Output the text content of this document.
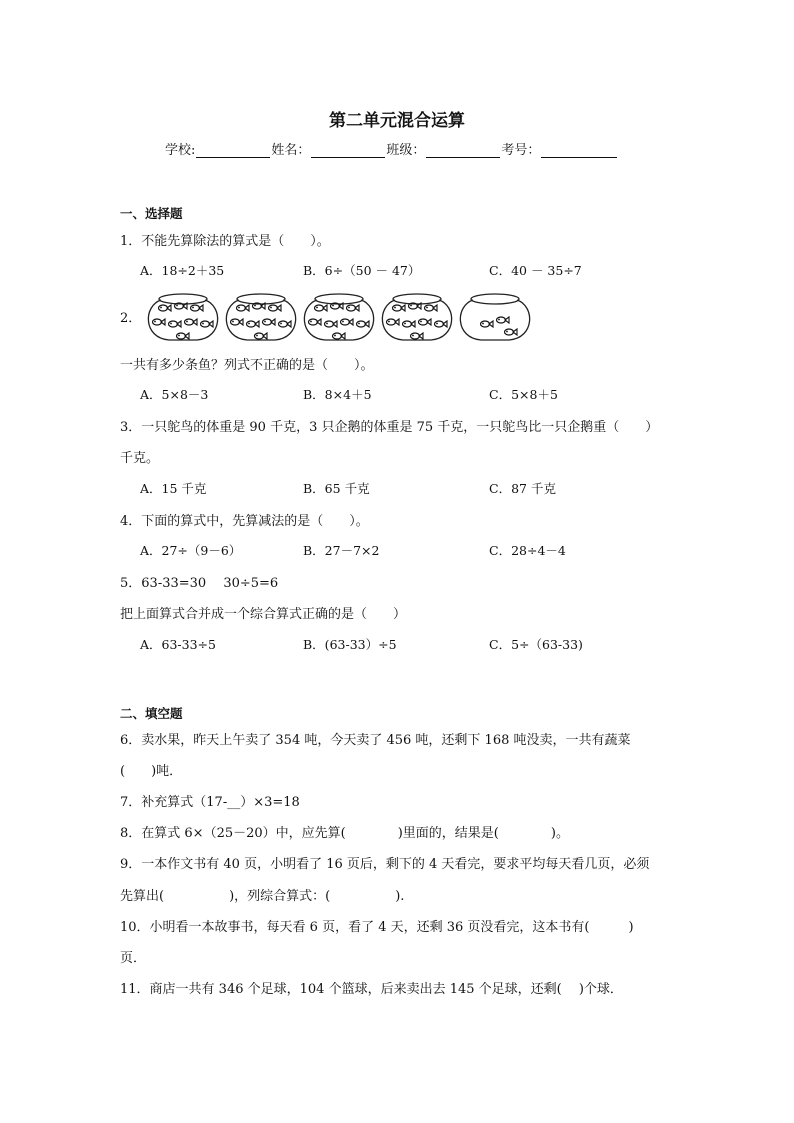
第二单元混合运算
学校:	姓名：	班级：	考号：
一、选择题
1．不能先算除法的算式是（　　）。
A．18÷2＋35	B．6÷（50 － 47）	C．40 － 35÷7
2．
一共有多少条鱼？列式不正确的是（　　）。
A．5×8－3	B．8×4＋5	C．5×8＋5
3．一只鸵鸟的体重是 90 千克，3 只企鹅的体重是 75 千克，一只鸵鸟比一只企鹅重（　　）
千克。
A．15 千克	B．65 千克	C．87 千克
4．下面的算式中，先算减法的是（　　）。
A．27÷（9－6）	B．27－7×2	C．28÷4－4
5．63-33=30　 30÷5=6
把上面算式合并成一个综合算式正确的是（　　）
A．63-33÷5	B．(63-33）÷5	C．5÷（63-33)
二、填空题
6．卖水果，昨天上午卖了 354 吨，今天卖了 456 吨，还剩下 168 吨没卖，一共有蔬菜
(　　)吨．
7．补充算式（17-__）×3=18
8．在算式 6×（25－20）中，应先算(　　　　)里面的，结果是(　　　　)。
9．一本作文书有 40 页，小明看了 16 页后，剩下的 4 天看完，要求平均每天看几页，必须
先算出(　　　　　)，列综合算式：(　　　　　).
10．小明看一本故事书，每天看 6 页，看了 4 天，还剩 36 页没看完，这本书有(　　　)
页．
11．商店一共有 346 个足球，104 个篮球，后来卖出去 145 个足球，还剩(　 )个球．
